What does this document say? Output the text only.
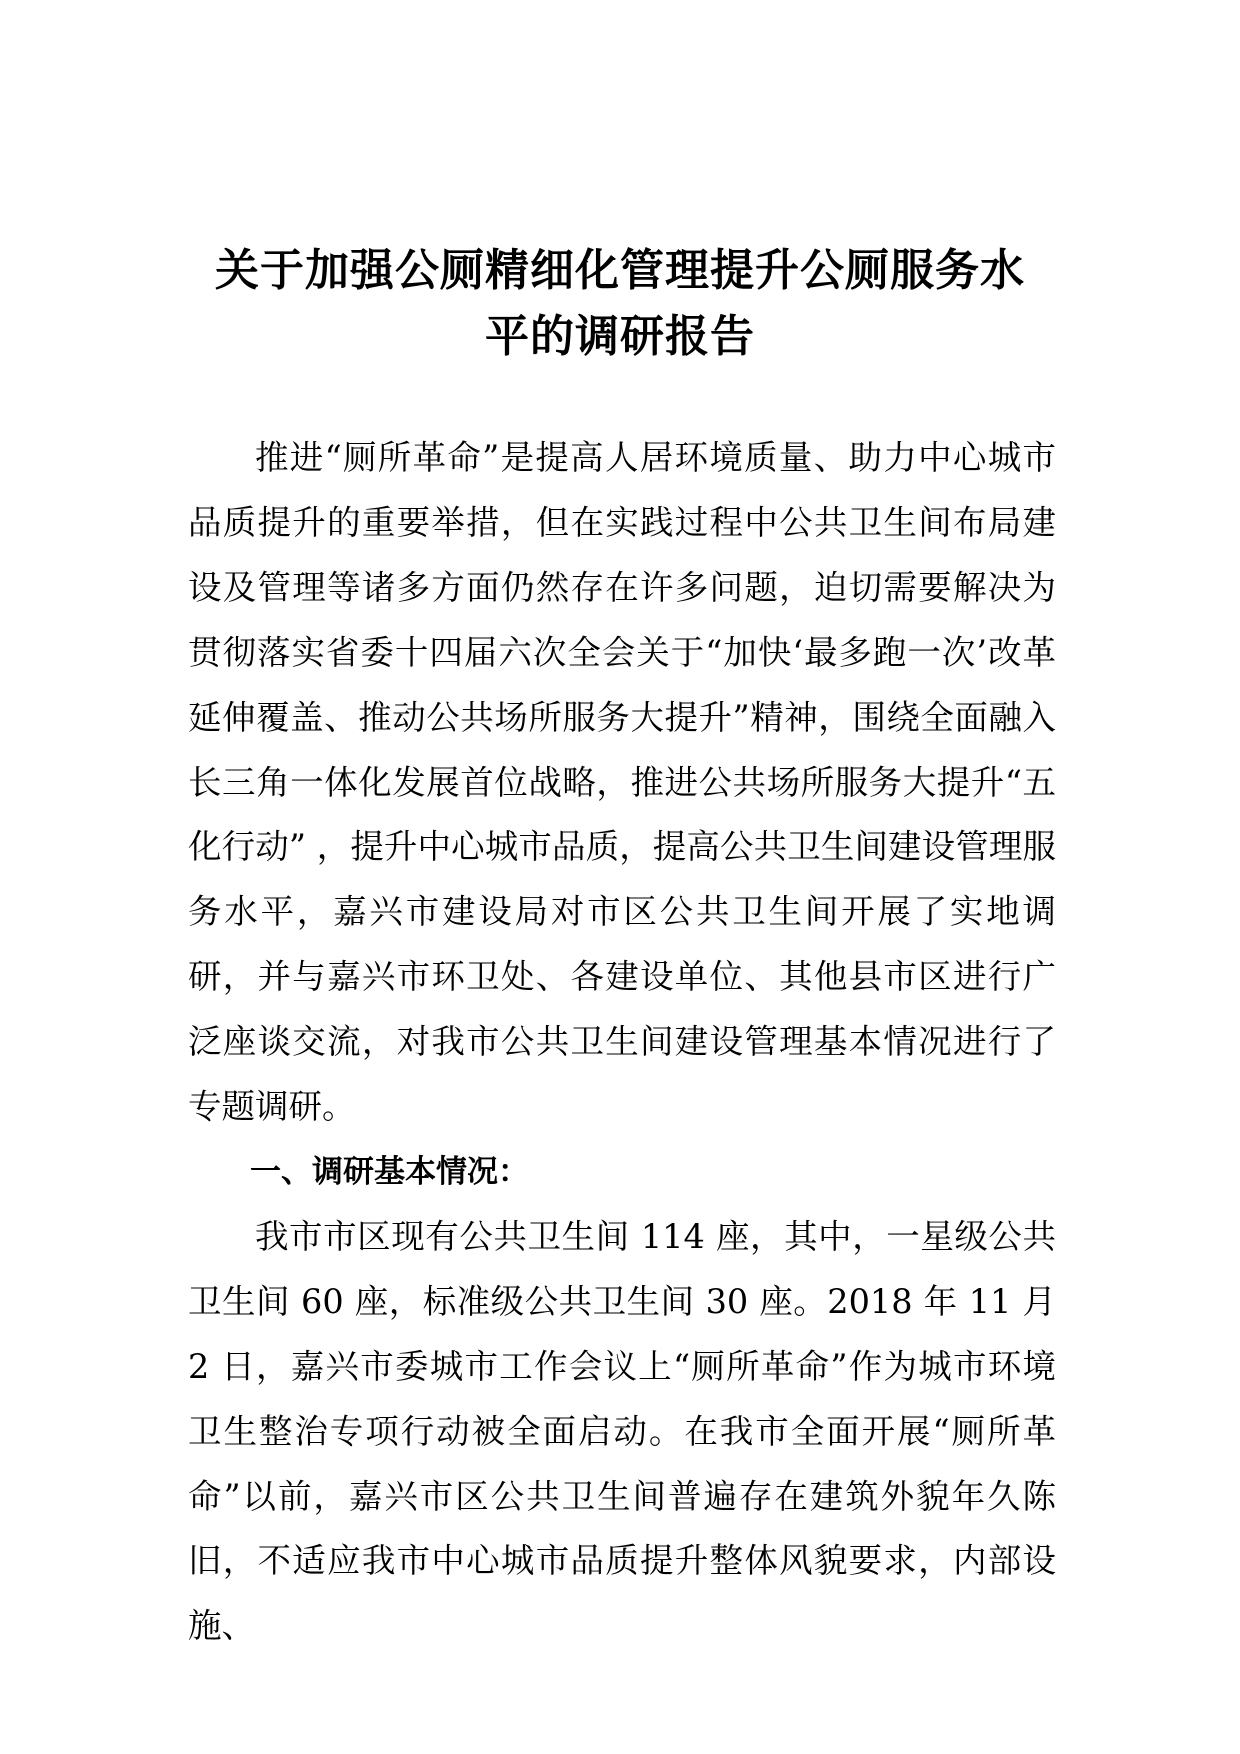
关于加强公厕精细化管理提升公厕服务水
平的调研报告

推进“厕所革命”是提高人居环境质量、助力中心城市品质提升的重要举措，但在实践过程中公共卫生间布局建设及管理等诸多方面仍然存在许多问题，迫切需要解决为贯彻落实省委十四届六次全会关于“加快‘最多跑一次’改革延伸覆盖、推动公共场所服务大提升”精神，围绕全面融入长三角一体化发展首位战略，推进公共场所服务大提升“五化行动” ，提升中心城市品质，提高公共卫生间建设管理服务水平，嘉兴市建设局对市区公共卫生间开展了实地调研，并与嘉兴市环卫处、各建设单位、其他县市区进行广泛座谈交流，对我市公共卫生间建设管理基本情况进行了专题调研。

一、调研基本情况：

我市市区现有公共卫生间 114 座，其中，一星级公共卫生间 60 座，标准级公共卫生间 30 座。2018 年 11 月 2 日，嘉兴市委城市工作会议上“厕所革命”作为城市环境卫生整治专项行动被全面启动。在我市全面开展“厕所革命”以前，嘉兴市区公共卫生间普遍存在建筑外貌年久陈旧，不适应我市中心城市品质提升整体风貌要求，内部设施、
